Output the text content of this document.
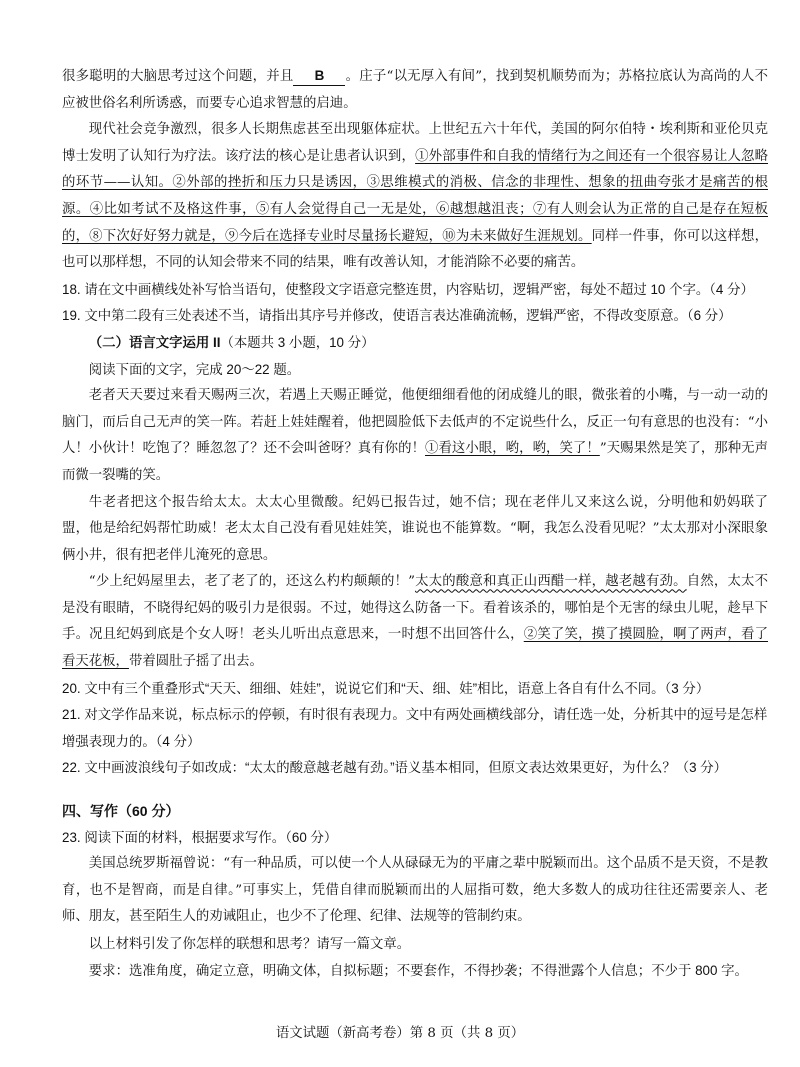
很多聪明的大脑思考过这个问题，并且 B 。庄子“以无厚入有间”，找到契机顺势而为；苏格拉底认为高尚的人不应被世俗名利所诱惑，而要专心追求智慧的启迪。

现代社会竞争激烈，很多人长期焦虑甚至出现躯体症状。上世纪五六十年代，美国的阿尔伯特・埃利斯和亚伦贝克博士发明了认知行为疗法。该疗法的核心是让患者认识到，①外部事件和自我的情绪行为之间还有一个很容易让人忽略的环节——认知。②外部的挫折和压力只是诱因，③思维模式的消极、信念的非理性、想象的扭曲夸张才是痛苦的根源。④比如考试不及格这件事，⑤有人会觉得自己一无是处，⑥越想越沮丧；⑦有人则会认为正常的自己是存在短板的，⑧下次好好努力就是，⑨今后在选择专业时尽量扬长避短，⑩为未来做好生涯规划。同样一件事，你可以这样想，也可以那样想，不同的认知会带来不同的结果，唯有改善认知，才能消除不必要的痛苦。

18. 请在文中画横线处补写恰当语句，使整段文字语意完整连贯，内容贴切，逻辑严密，每处不超过 10 个字。（4 分）

19. 文中第二段有三处表述不当，请指出其序号并修改，使语言表达准确流畅，逻辑严密，不得改变原意。（6 分）

（二）语言文字运用 II（本题共 3 小题，10 分）

阅读下面的文字，完成 20～22 题。

老者天天要过来看天赐两三次，若遇上天赐正睡觉，他便细细看他的闭成缝儿的眼，微张着的小嘴，与一动一动的脑门，而后自己无声的笑一阵。若赶上娃娃醒着，他把圆脸低下去低声的不定说些什么，反正一句有意思的也没有：“小人！小伙计！吃饱了？睡忽忽了？还不会叫爸呀？真有你的！①看这小眼，哟，哟，笑了！”天赐果然是笑了，那种无声而微一裂嘴的笑。

牛老者把这个报告给太太。太太心里微酸。纪妈已报告过，她不信；现在老伴儿又来这么说，分明他和奶妈联了盟，他是给纪妈帮忙助威！老太太自己没有看见娃娃笑，谁说也不能算数。“啊，我怎么没看见呢？”太太那对小深眼象俩小井，很有把老伴儿淹死的意思。

“少上纪妈屋里去，老了老了的，还这么杓杓颠颠的！”太太的酸意和真正山西醋一样，越老越有劲。自然，太太不是没有眼睛，不晓得纪妈的吸引力是很弱。不过，她得这么防备一下。看着该杀的，哪怕是个无害的绿虫儿呢，趁早下手。况且纪妈到底是个女人呀！老头儿听出点意思来，一时想不出回答什么，②笑了笑，摸了摸圆脸，啊了两声，看了看天花板，带着圆肚子摇了出去。

20. 文中有三个重叠形式“天天、细细、娃娃”，说说它们和“天、细、娃”相比，语意上各自有什么不同。（3 分）

21. 对文学作品来说，标点标示的停顿，有时很有表现力。文中有两处画横线部分，请任选一处，分析其中的逗号是怎样增强表现力的。（4 分）

22. 文中画波浪线句子如改成：“太太的酸意越老越有劲。”语义基本相同，但原文表达效果更好，为什么？（3 分）

四、写作（60 分）

23. 阅读下面的材料，根据要求写作。（60 分）

美国总统罗斯福曾说：“有一种品质，可以使一个人从碌碌无为的平庸之辈中脱颖而出。这个品质不是天资，不是教育，也不是智商，而是自律。”可事实上，凭借自律而脱颖而出的人屈指可数，绝大多数人的成功往往还需要亲人、老师、朋友，甚至陌生人的劝诫阻止，也少不了伦理、纪律、法规等的管制约束。

以上材料引发了你怎样的联想和思考？请写一篇文章。

要求：选准角度，确定立意，明确文体，自拟标题；不要套作，不得抄袭；不得泄露个人信息；不少于 800 字。

语文试题（新高考卷）第 8 页（共 8 页）
